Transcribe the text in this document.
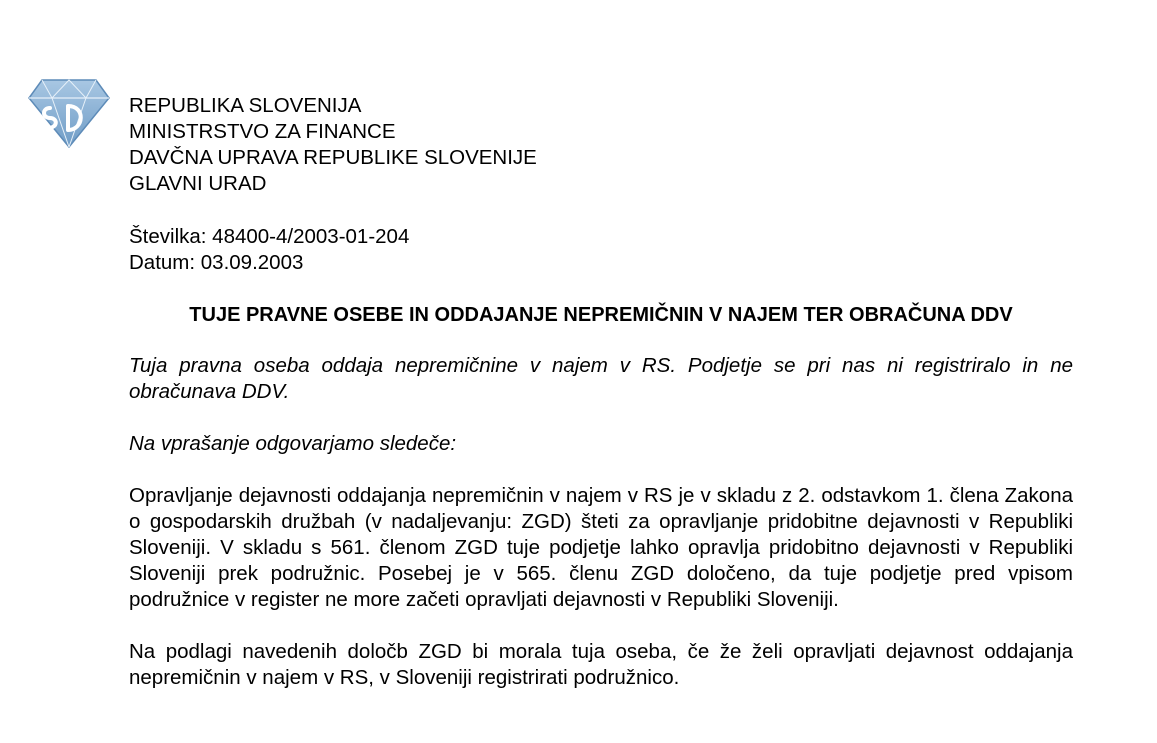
REPUBLIKA SLOVENIJA
MINISTRSTVO ZA FINANCE
DAVČNA UPRAVA REPUBLIKE SLOVENIJE
GLAVNI URAD
Številka: 48400-4/2003-01-204
Datum: 03.09.2003
TUJE PRAVNE OSEBE IN ODDAJANJE NEPREMIČNIN V NAJEM TER OBRAČUNA DDV
Tuja pravna oseba oddaja nepremičnine v najem v RS. Podjetje se pri nas ni registriralo in ne obračunava DDV.
Na vprašanje odgovarjamo sledeče:
Opravljanje dejavnosti oddajanja nepremičnin v najem v RS je v skladu z 2. odstavkom 1. člena Zakona o gospodarskih družbah (v nadaljevanju: ZGD) šteti za opravljanje pridobitne dejavnosti v Republiki Sloveniji. V skladu s 561. členom ZGD tuje podjetje lahko opravlja pridobitno dejavnosti v Republiki Sloveniji prek podružnic. Posebej je v 565. členu ZGD določeno, da tuje podjetje pred vpisom podružnice v register ne more začeti opravljati dejavnosti v Republiki Sloveniji.
Na podlagi navedenih določb ZGD bi morala tuja oseba, če že želi opravljati dejavnost oddajanja nepremičnin v najem v RS, v Sloveniji registrirati podružnico.
